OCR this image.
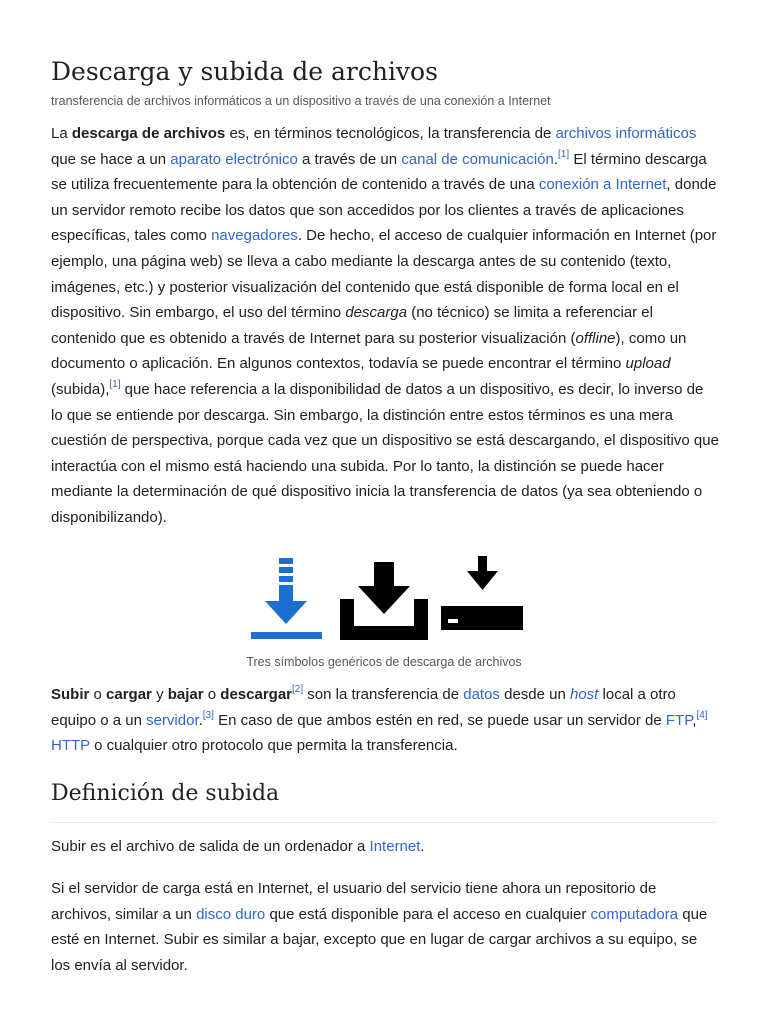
Descarga y subida de archivos
transferencia de archivos informáticos a un dispositivo a través de una conexión a Internet

La descarga de archivos es, en términos tecnológicos, la transferencia de archivos informáticos que se hace a un aparato electrónico a través de un canal de comunicación.[1] El término descarga se utiliza frecuentemente para la obtención de contenido a través de una conexión a Internet, donde un servidor remoto recibe los datos que son accedidos por los clientes a través de aplicaciones específicas, tales como navegadores. De hecho, el acceso de cualquier información en Internet (por ejemplo, una página web) se lleva a cabo mediante la descarga antes de su contenido (texto, imágenes, etc.) y posterior visualización del contenido que está disponible de forma local en el dispositivo. Sin embargo, el uso del término descarga (no técnico) se limita a referenciar el contenido que es obtenido a través de Internet para su posterior visualización (offline), como un documento o aplicación. En algunos contextos, todavía se puede encontrar el término upload (subida),[1] que hace referencia a la disponibilidad de datos a un dispositivo, es decir, lo inverso de lo que se entiende por descarga. Sin embargo, la distinción entre estos términos es una mera cuestión de perspectiva, porque cada vez que un dispositivo se está descargando, el dispositivo que interactúa con el mismo está haciendo una subida. Por lo tanto, la distinción se puede hacer mediante la determinación de qué dispositivo inicia la transferencia de datos (ya sea obteniendo o disponibilizando).

Tres símbolos genéricos de descarga de archivos

Subir o cargar y bajar o descargar[2] son la transferencia de datos desde un host local a otro equipo o a un servidor.[3] En caso de que ambos estén en red, se puede usar un servidor de FTP,[4] HTTP o cualquier otro protocolo que permita la transferencia.

Definición de subida

Subir es el archivo de salida de un ordenador a Internet.

Si el servidor de carga está en Internet, el usuario del servicio tiene ahora un repositorio de archivos, similar a un disco duro que está disponible para el acceso en cualquier computadora que esté en Internet. Subir es similar a bajar, excepto que en lugar de cargar archivos a su equipo, se los envía al servidor.
